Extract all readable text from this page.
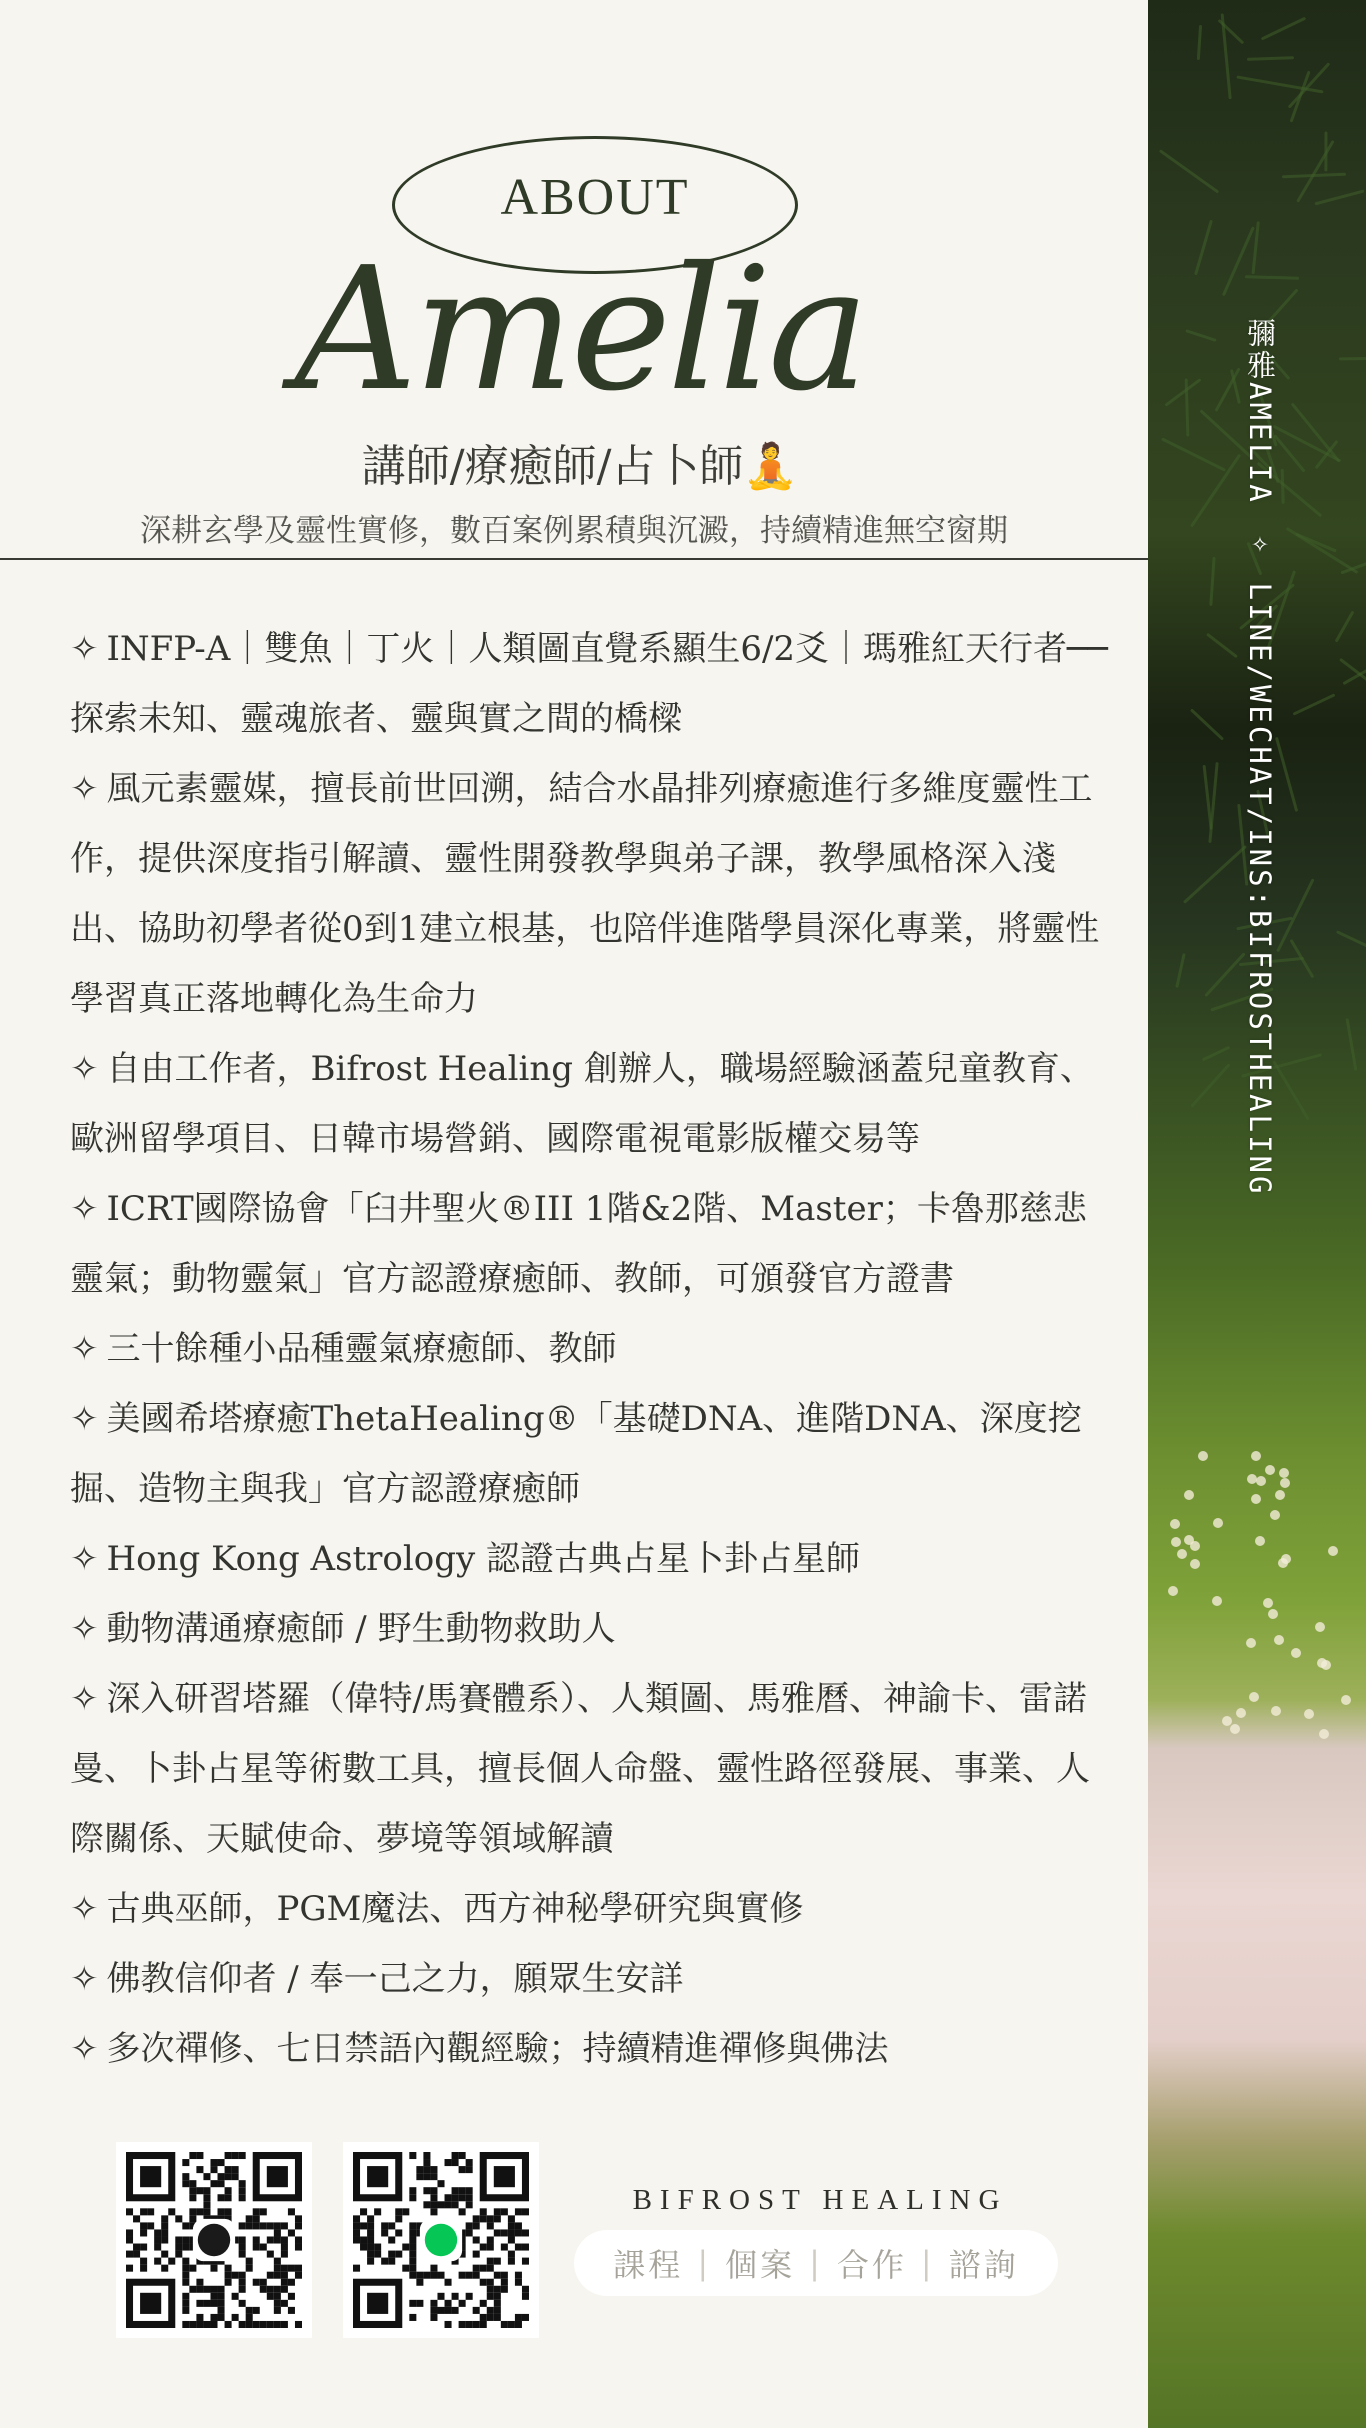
彌雅AMELIA ✧ LINE/WECHAT/INS:BIFROSTHEALING
ABOUT
Amelia
講師/療癒師/占卜師🧘
深耕玄學及靈性實修，數百案例累積與沉澱，持續精進無空窗期
✧ INFP-A｜雙魚｜丁火｜人類圖直覺系顯生6/2爻｜瑪雅紅天行者──探索未知、靈魂旅者、靈與實之間的橋樑
✧ 風元素靈媒，擅長前世回溯，結合水晶排列療癒進行多維度靈性工作，提供深度指引解讀、靈性開發教學與弟子課，教學風格深入淺出、協助初學者從0到1建立根基，也陪伴進階學員深化專業，將靈性學習真正落地轉化為生命力
✧ 自由工作者，Bifrost Healing 創辦人，職場經驗涵蓋兒童教育、歐洲留學項目、日韓市場營銷、國際電視電影版權交易等
✧ ICRT國際協會「臼井聖火®III 1階&2階、Master；卡魯那慈悲靈氣；動物靈氣」官方認證療癒師、教師，可頒發官方證書
✧ 三十餘種小品種靈氣療癒師、教師
✧ 美國希塔療癒ThetaHealing®「基礎DNA、進階DNA、深度挖掘、造物主與我」官方認證療癒師
✧ Hong Kong Astrology 認證古典占星卜卦占星師
✧ 動物溝通療癒師 / 野生動物救助人
✧ 深入研習塔羅（偉特/馬賽體系）、人類圖、馬雅曆、神諭卡、雷諾曼、卜卦占星等術數工具，擅長個人命盤、靈性路徑發展、事業、人際關係、天賦使命、夢境等領域解讀
✧ 古典巫師，PGM魔法、西方神秘學研究與實修
✧ 佛教信仰者 / 奉一己之力，願眾生安詳
✧ 多次禪修、七日禁語內觀經驗；持續精進禪修與佛法
BIFROST HEALING
課程 | 個案 | 合作 | 諮詢
